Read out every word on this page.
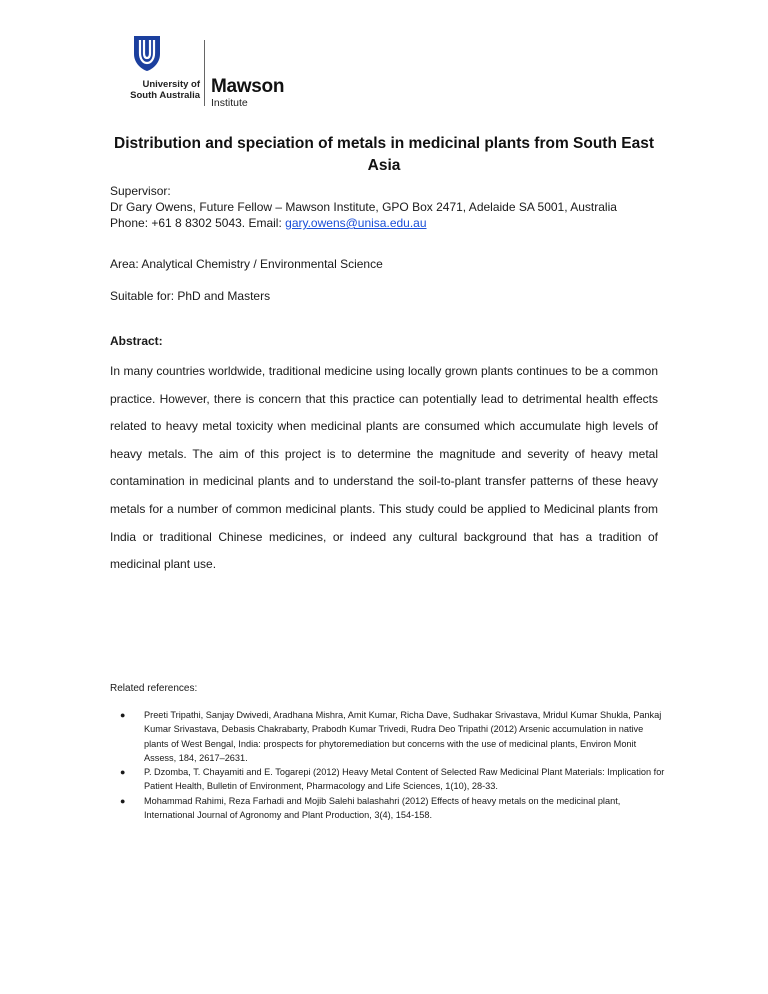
University of
South Australia Mawson
Institute
Distribution and speciation of metals in medicinal plants from South East Asia
Supervisor:
Dr Gary Owens, Future Fellow – Mawson Institute, GPO Box 2471, Adelaide SA 5001, Australia
Phone: +61 8 8302 5043. Email: gary.owens@unisa.edu.au
Area: Analytical Chemistry / Environmental Science
Suitable for: PhD and Masters
Abstract:
In many countries worldwide, traditional medicine using locally grown plants continues to be a common practice. However, there is concern that this practice can potentially lead to detrimental health effects related to heavy metal toxicity when medicinal plants are consumed which accumulate high levels of heavy metals. The aim of this project is to determine the magnitude and severity of heavy metal contamination in medicinal plants and to understand the soil-to-plant transfer patterns of these heavy metals for a number of common medicinal plants. This study could be applied to Medicinal plants from India or traditional Chinese medicines, or indeed any cultural background that has a tradition of medicinal plant use.
Related references:
● Preeti Tripathi, Sanjay Dwivedi, Aradhana Mishra, Amit Kumar, Richa Dave, Sudhakar Srivastava, Mridul Kumar Shukla, Pankaj Kumar Srivastava, Debasis Chakrabarty, Prabodh Kumar Trivedi, Rudra Deo Tripathi (2012) Arsenic accumulation in native plants of West Bengal, India: prospects for phytoremediation but concerns with the use of medicinal plants, Environ Monit Assess, 184, 2617–2631.
● P. Dzomba, T. Chayamiti and E. Togarepi (2012) Heavy Metal Content of Selected Raw Medicinal Plant Materials: Implication for Patient Health, Bulletin of Environment, Pharmacology and Life Sciences, 1(10), 28-33.
● Mohammad Rahimi, Reza Farhadi and Mojib Salehi balashahri (2012) Effects of heavy metals on the medicinal plant, International Journal of Agronomy and Plant Production, 3(4), 154-158.
